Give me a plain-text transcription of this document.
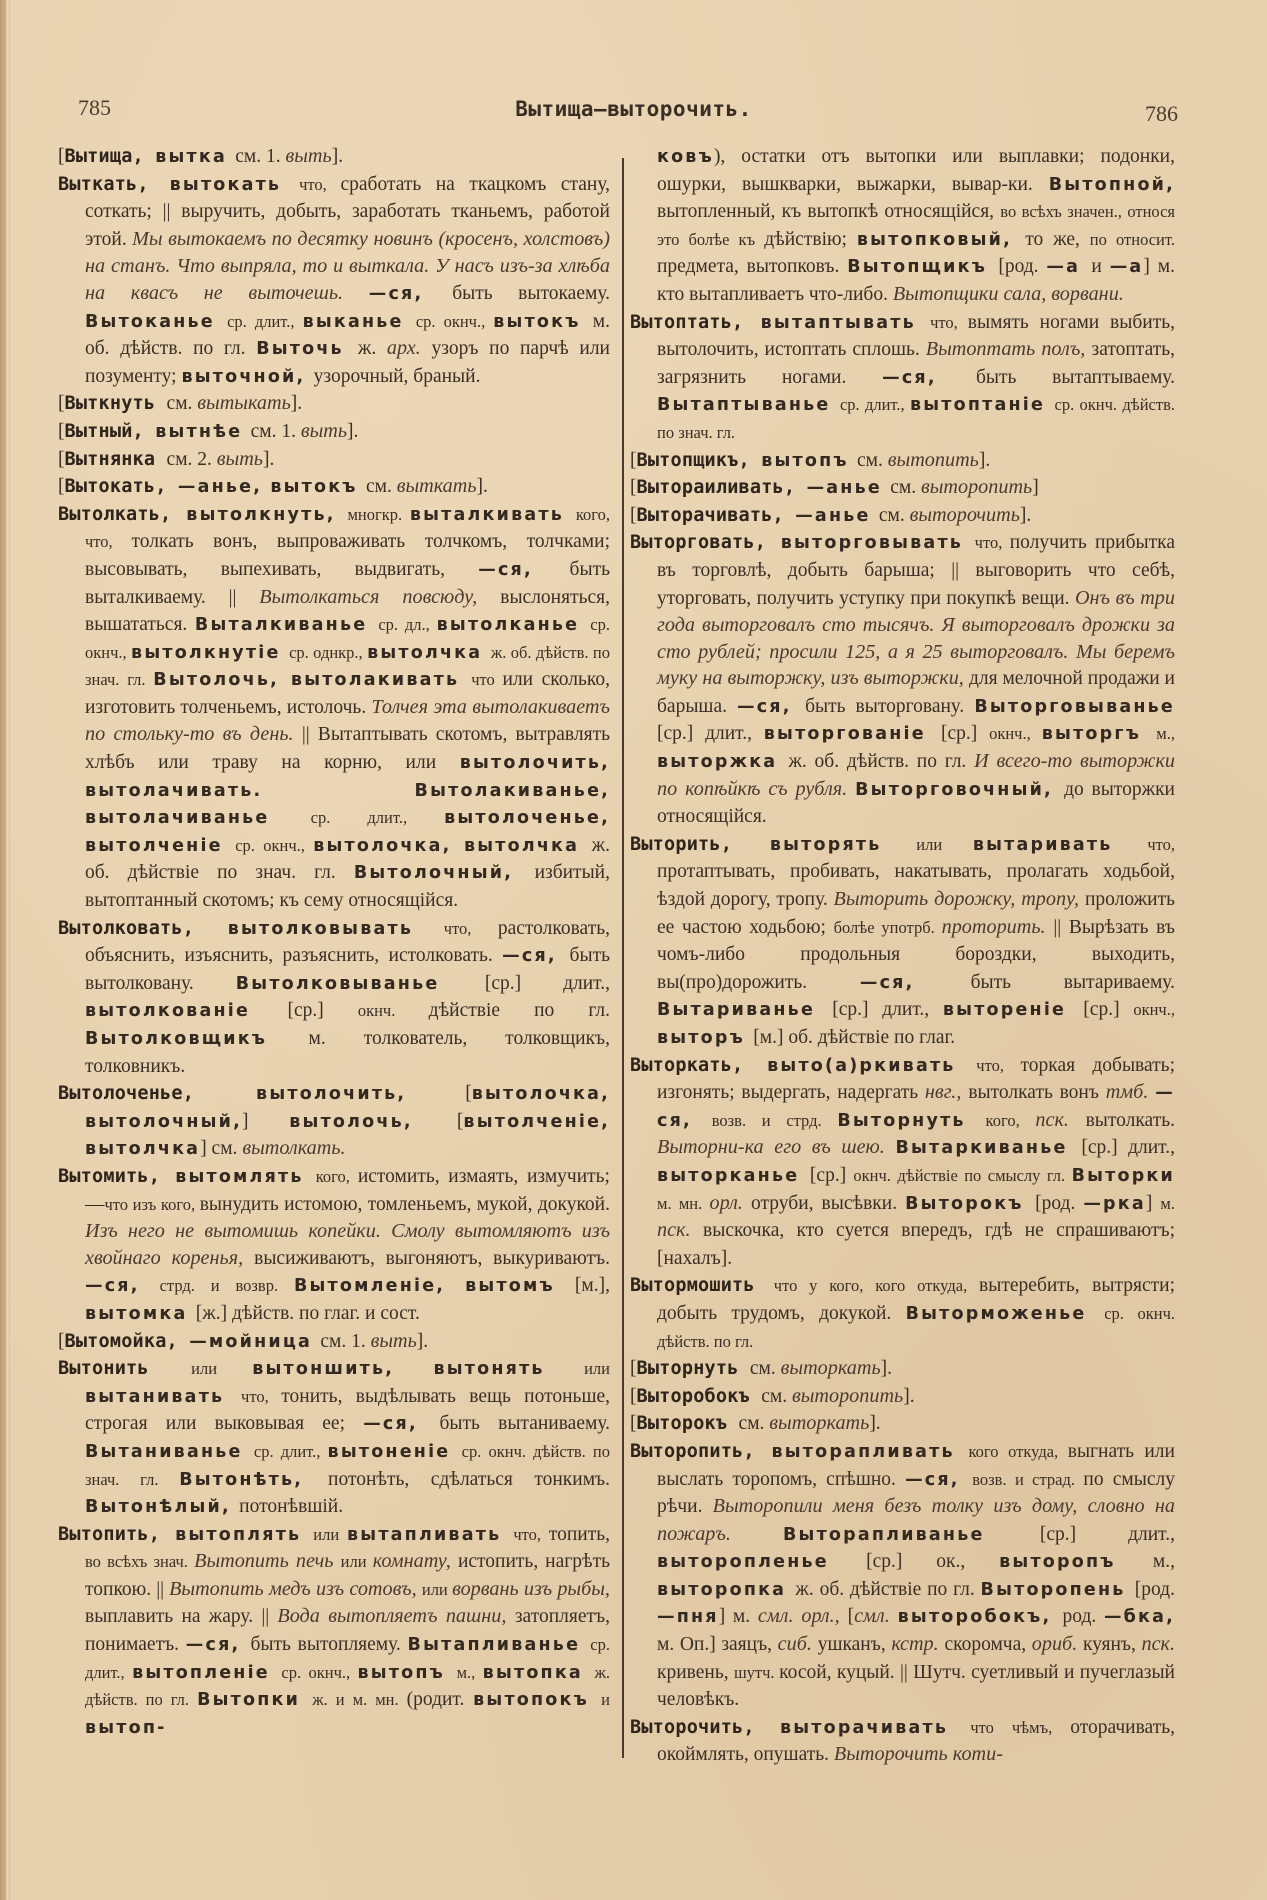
785	Вытища—выторочить.	786

[Вытища, вытка см. 1. выть].

Выткать, вытокать что, сработать на ткацкомъ стану, соткать; || выручить, добыть, заработать тканьемъ, работой этой. Мы вытокаемъ по десятку новинъ (кросенъ, холстовъ) на станъ. Что выпряла, то и выткала. У насъ изъ-за хлѣба на квасъ не выточешь. —ся, быть вытокаему. Вытоканье ср. длит., выканье ср. окнч., вытокъ м. об. дѣйств. по гл. Выточь ж. арх. узоръ по парчѣ или позументу; выточной, узорочный, браный.

[Выткнуть см. вытыкать].

[Вытный, вытнѣе см. 1. выть].

[Вытнянка см. 2. выть].

[Вытокать, —анье, вытокъ см. выткать].

Вытолкать, вытолкнуть, многкр. выталкивать кого, что, толкать вонъ, выпроваживать толчкомъ, толчками; высовывать, выпехивать, выдвигать, —ся, быть выталкиваему. || Вытолкаться повсюду, выслоняться, вышататься. Выталкиванье ср. дл., вытолканье ср. окнч., вытолкнутіе ср. однкр., вытолчка ж. об. дѣйств. по знач. гл. Вытолочь, вытолакивать что или сколько, изготовить толченьемъ, истолочь. Толчея эта вытолакиваетъ по стольку-то въ день. || Вытаптывать скотомъ, вытравлять хлѣбъ или траву на корню, или вытолочить, вытолачивать. Вытолакиванье, вытолачиванье ср. длит., вытолоченье, вытолченіе ср. окнч., вытолочка, вытолчка ж. об. дѣйствіе по знач. гл. Вытолочный, избитый, вытоптанный скотомъ; къ сему относящійся.

Вытолковать, вытолковывать что, растолковать, объяснить, изъяснить, разъяснить, истолковать. —ся, быть вытолковану. Вытолковыванье [ср.] длит., вытолкованіе [ср.] окнч. дѣйствіе по гл. Вытолковщикъ м. толкователь, толковщикъ, толковникъ.

Вытолоченье, вытолочить, [вытолочка, вытолочный,] вытолочь, [вытолченіе, вытолчка] см. вытолкать.

Вытомить, вытомлять кого, истомить, измаять, измучить; —что изъ кого, вынудить истомою, томленьемъ, мукой, докукой. Изъ него не вытомишь копейки. Смолу вытомляютъ изъ хвойнаго коренья, высиживаютъ, выгоняютъ, выкуриваютъ. —ся, стрд. и возвр. Вытомленіе, вытомъ [м.], вытомка [ж.] дѣйств. по глаг. и сост.

[Вытомойка, —мойница см. 1. выть].

Вытонить или вытоншить, вытонять или вытанивать что, тонить, выдѣлывать вещь потоньше, строгая или выковывая ее; —ся, быть вытаниваему. Вытаниванье ср. длит., вытоненіе ср. окнч. дѣйств. по знач. гл. Вытонѣть, потонѣть, сдѣлаться тонкимъ. Вытонѣлый, потонѣвшій.

Вытопить, вытоплять или вытапливать что, топить, во всѣхъ знач. Вытопить печь или комнату, истопить, нагрѣть топкою. || Вытопить медъ изъ сотовъ, или ворвань изъ рыбы, выплавить на жару. || Вода вытопляетъ пашни, затопляетъ, понимаетъ. —ся, быть вытопляему. Вытапливанье ср. длит., вытопленіе ср. окнч., вытопъ м., вытопка ж. дѣйств. по гл. Вытопки ж. и м. мн. (родит. вытопокъ и вытоп-

ковъ), остатки отъ вытопки или выплавки; подонки, ошурки, вышкварки, выжарки, вывар-ки. Вытопной, вытопленный, къ вытопкѣ относящійся, во всѣхъ значен., относя это болѣе къ дѣйствію; вытопковый, то же, по относит. предмета, вытопковъ. Вытопщикъ [род. —а и —а] м. кто вытапливаетъ что-либо. Вытопщики сала, ворвани.

Вытоптать, вытаптывать что, вымять ногами выбить, вытолочить, истоптать сплошь. Вытоптать полъ, затоптать, загрязнить ногами. —ся, быть вытаптываему. Вытаптыванье ср. длит., вытоптаніе ср. окнч. дѣйств. по знач. гл.

[Вытопщикъ, вытопъ см. вытопить].

[Вытораиливать, —анье см. выторопить]

[Выторачивать, —анье см. выторочить].

Выторговать, выторговывать что, получить прибытка въ торговлѣ, добыть барыша; || выговорить что себѣ, уторговать, получить уступку при покупкѣ вещи. Онъ въ три года выторговалъ сто тысячъ. Я выторговалъ дрожки за сто рублей; просили 125, а я 25 выторговалъ. Мы беремъ муку на выторжку, изъ выторжки, для мелочной продажи и барыша. —ся, быть выторгованy. Выторговыванье [ср.] длит., выторгованіе [ср.] окнч., выторгъ м., выторжка ж. об. дѣйств. по гл. И всего-то выторжки по копѣйкѣ съ рубля. Выторговочный, до выторжки относящійся.

Выторить, выторять или вытаривать что, протаптывать, пробивать, накатывать, пролагать ходьбой, ѣздой дорогу, тропу. Выторить дорожку, тропу, проложить ее частою ходьбою; болѣе употрб. проторить. || Вырѣзать въ чомъ-либо продольныя бороздки, выходить, вы(про)дорожить. —ся, быть вытариваему. Вытариванье [ср.] длит., вытореніе [ср.] окнч., выторъ [м.] об. дѣйствіе по глаг.

Выторкать, выто(а)ркивать что, торкая добывать; изгонять; выдергать, надергать нвг., вытолкать вонъ тмб. —ся, возв. и стрд. Выторнуть кого, пск. вытолкать. Выторни-ка его въ шею. Вытаркиванье [ср.] длит., выторканье [ср.] окнч. дѣйствіе по смыслу гл. Выторки м. мн. орл. отруби, высѣвки. Выторокъ [род. —рка] м. пск. выскочка, кто суется впередъ, гдѣ не спрашиваютъ; [нахалъ].

Вытормошить что у кого, кого откуда, вытеребить, вытрясти; добыть трудомъ, докукой. Выторможенье ср. окнч. дѣйств. по гл.

[Выторнуть см. выторкать].

[Выторобокъ см. выторопить].

[Выторокъ см. выторкать].

Выторопить, выторапливать кого откуда, выгнать или выслать торопомъ, спѣшно. —ся, возв. и страд. по смыслу рѣчи. Выторопили меня безъ толку изъ дому, словно на пожаръ. Выторапливанье [ср.] длит., выторопленье [ср.] ок., выторопъ м., выторопка ж. об. дѣйствіе по гл. Выторопень [род. —пня] м. смл. орл., [смл. выторобокъ, род. —бка, м. Оп.] заяцъ, сиб. ушканъ, кстр. скоромча, ориб. куянъ, пск. кривень, шутч. косой, куцый. || Шутч. суетливый и пучеглазый человѣкъ.

Выторочить, выторачивать что чѣмъ, оторачивать, окоймлять, опушать. Выторочить коти-
